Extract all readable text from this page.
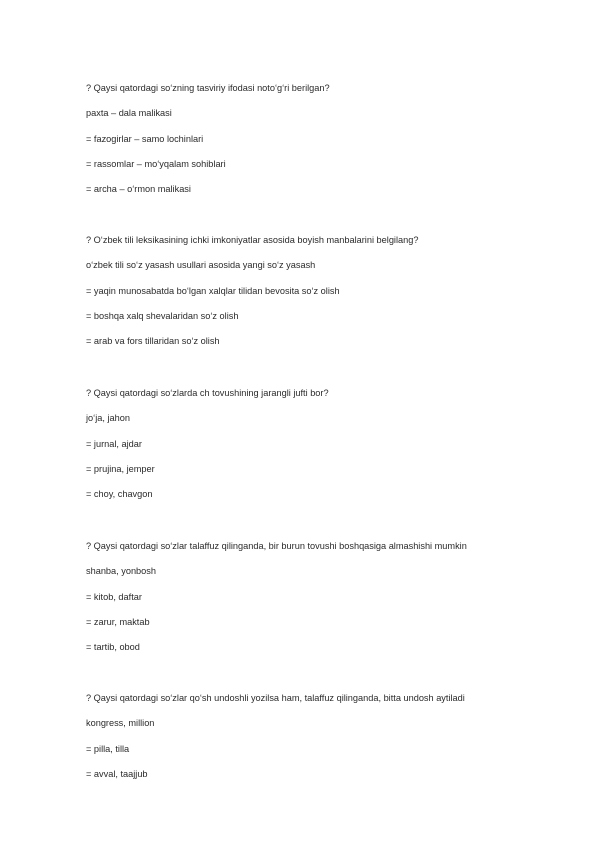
? Qaysi qatordagi so‘zning tasviriy ifodasi noto‘g‘ri berilgan?
paxta – dala malikasi
= fazogirlar – samo lochinlari
= rassomlar – mo‘yqalam sohiblari
= archa – o‘rmon malikasi
? O‘zbek tili leksikasining ichki imkoniyatlar asosida boyish manbalarini belgilang?
o‘zbek tili so‘z yasash usullari asosida yangi so‘z yasash
= yaqin munosabatda bo‘lgan xalqlar tilidan bevosita so‘z olish
= boshqa xalq shevalaridan so‘z olish
= arab va fors tillaridan so‘z olish
? Qaysi qatordagi so‘zlarda ch tovushining jarangli jufti bor?
jo‘ja, jahon
= jurnal, ajdar
= prujina, jemper
= choy, chavgon
? Qaysi qatordagi so‘zlar talaffuz qilinganda, bir burun tovushi boshqasiga almashishi mumkin
shanba, yonbosh
= kitob, daftar
= zarur, maktab
= tartib, obod
? Qaysi qatordagi so‘zlar qo‘sh undoshli yozilsa ham, talaffuz qilinganda, bitta undosh aytiladi
kongress, million
= pilla, tilla
= avval, taajjub
